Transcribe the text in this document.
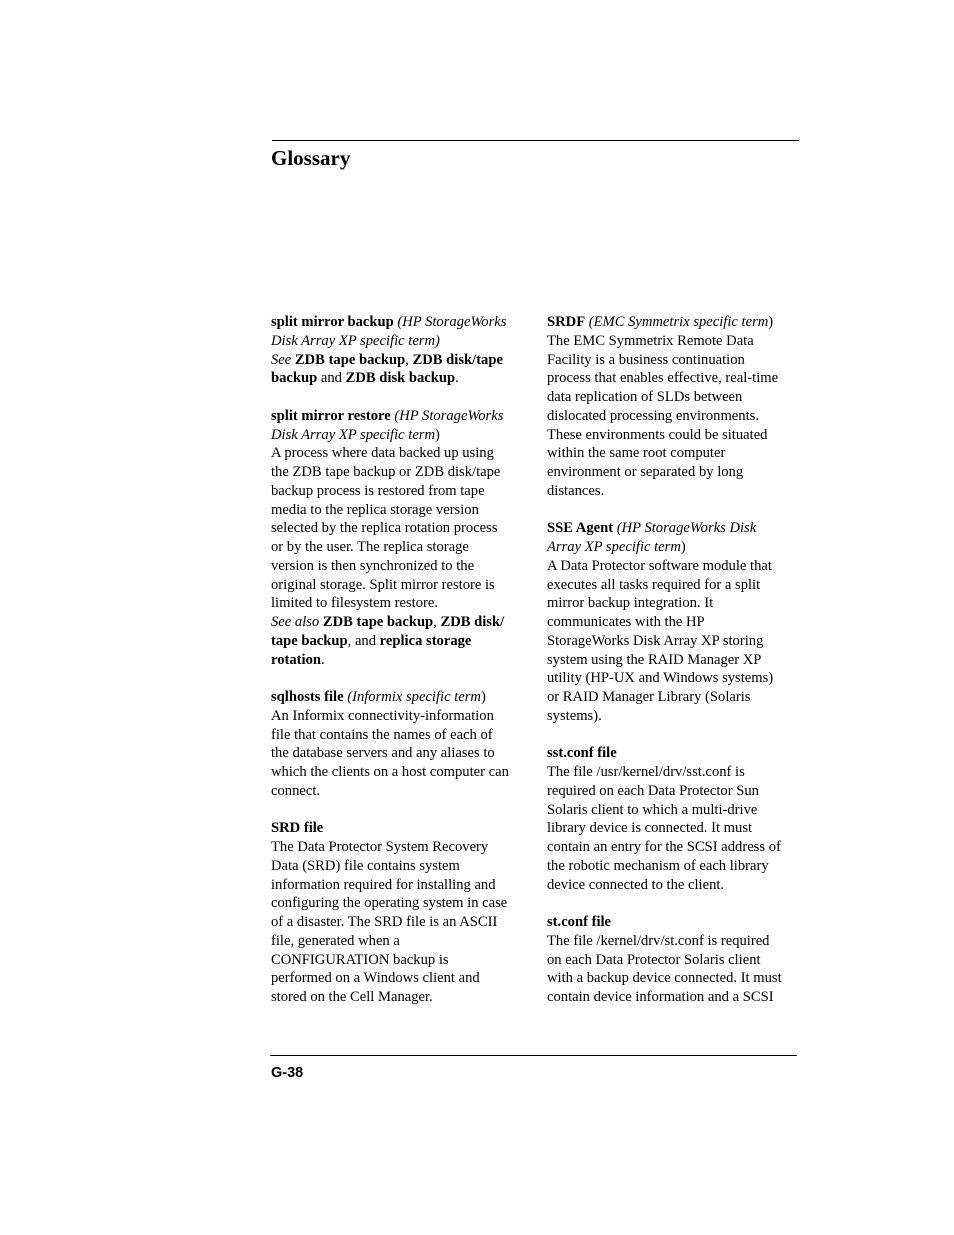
Glossary
split mirror backup (HP StorageWorks
Disk Array XP specific term)
See ZDB tape backup, ZDB disk/tape
backup and ZDB disk backup.
split mirror restore (HP StorageWorks
Disk Array XP specific term)
A process where data backed up using
the ZDB tape backup or ZDB disk/tape
backup process is restored from tape
media to the replica storage version
selected by the replica rotation process
or by the user. The replica storage
version is then synchronized to the
original storage. Split mirror restore is
limited to filesystem restore.
See also ZDB tape backup, ZDB disk/
tape backup, and replica storage
rotation.
sqlhosts file (Informix specific term)
An Informix connectivity-information
file that contains the names of each of
the database servers and any aliases to
which the clients on a host computer can
connect.
SRD file
The Data Protector System Recovery
Data (SRD) file contains system
information required for installing and
configuring the operating system in case
of a disaster. The SRD file is an ASCII
file, generated when a
CONFIGURATION backup is
performed on a Windows client and
stored on the Cell Manager.
SRDF (EMC Symmetrix specific term)
The EMC Symmetrix Remote Data
Facility is a business continuation
process that enables effective, real-time
data replication of SLDs between
dislocated processing environments.
These environments could be situated
within the same root computer
environment or separated by long
distances.
SSE Agent (HP StorageWorks Disk
Array XP specific term)
A Data Protector software module that
executes all tasks required for a split
mirror backup integration. It
communicates with the HP
StorageWorks Disk Array XP storing
system using the RAID Manager XP
utility (HP-UX and Windows systems)
or RAID Manager Library (Solaris
systems).
sst.conf file
The file /usr/kernel/drv/sst.conf is
required on each Data Protector Sun
Solaris client to which a multi-drive
library device is connected. It must
contain an entry for the SCSI address of
the robotic mechanism of each library
device connected to the client.
st.conf file
The file /kernel/drv/st.conf is required
on each Data Protector Solaris client
with a backup device connected. It must
contain device information and a SCSI
G-38
